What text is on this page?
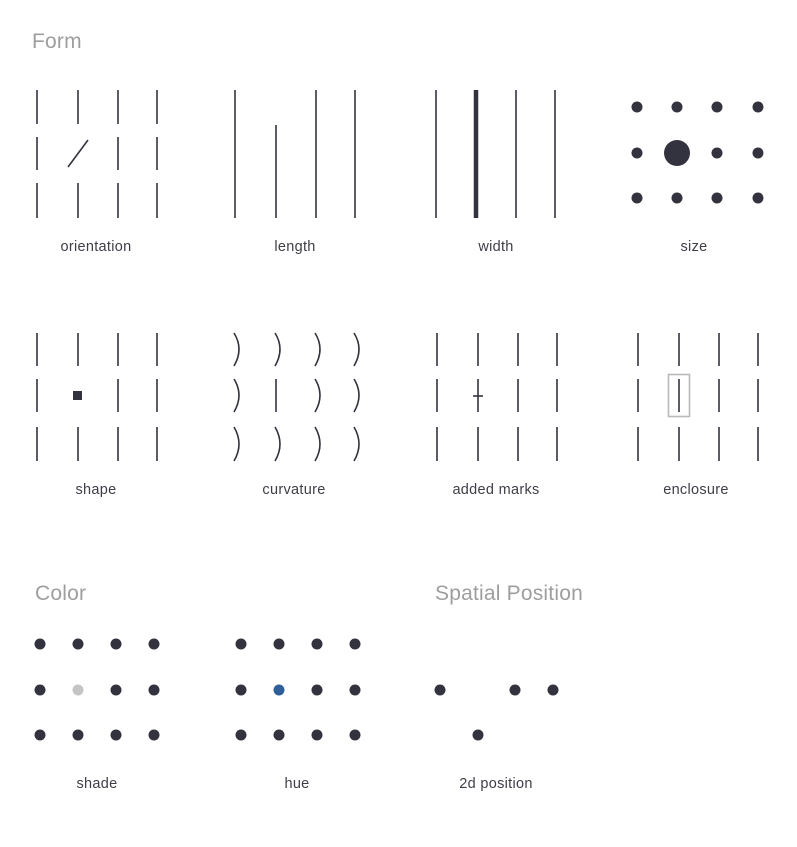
Form
Color	Spatial Position
orientation	length	width	size
shape	curvature	added marks	enclosure
shade	hue	2d position
